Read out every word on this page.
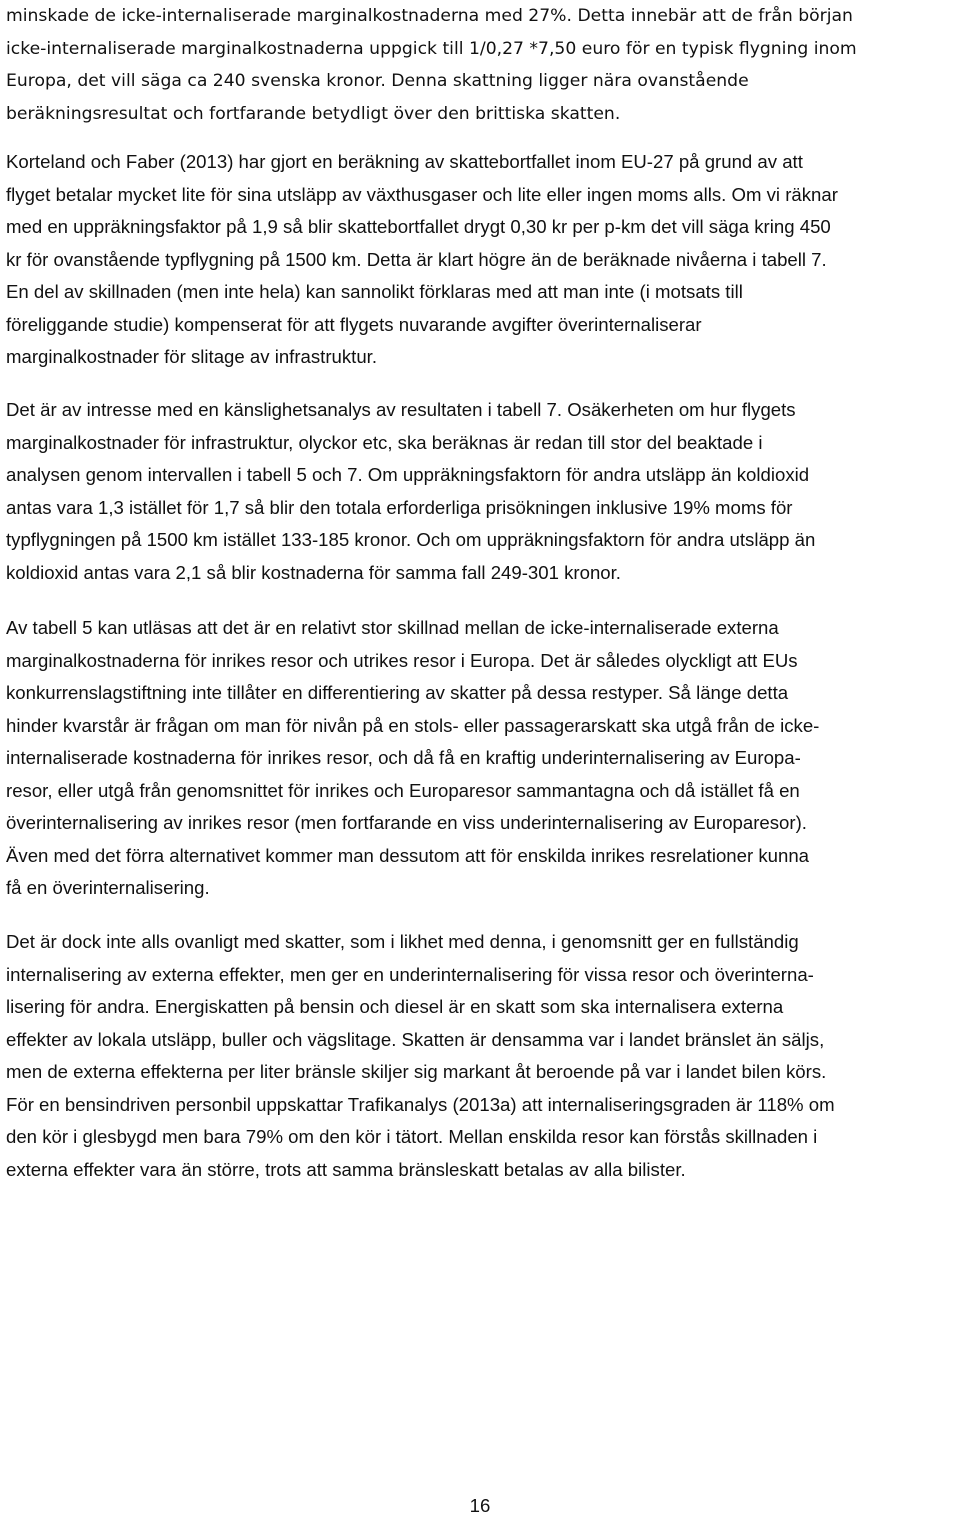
minskade de icke-internaliserade marginalkostnaderna med 27%. Detta innebär att de från början
icke-internaliserade marginalkostnaderna uppgick till 1/0,27 *7,50 euro för en typisk flygning inom
Europa, det vill säga ca 240 svenska kronor. Denna skattning ligger nära ovanstående
beräkningsresultat och fortfarande betydligt över den brittiska skatten.
Korteland och Faber (2013) har gjort en beräkning av skattebortfallet inom EU-27 på grund av att
flyget betalar mycket lite för sina utsläpp av växthusgaser och lite eller ingen moms alls. Om vi räknar
med en uppräkningsfaktor på 1,9 så blir skattebortfallet drygt 0,30 kr per p-km det vill säga kring 450
kr för ovanstående typflygning på 1500 km. Detta är klart högre än de beräknade nivåerna i tabell 7.
En del av skillnaden (men inte hela) kan sannolikt förklaras med att man inte (i motsats till
föreliggande studie) kompenserat för att flygets nuvarande avgifter överinternaliserar
marginalkostnader för slitage av infrastruktur.
Det är av intresse med en känslighetsanalys av resultaten i tabell 7. Osäkerheten om hur flygets
marginalkostnader för infrastruktur, olyckor etc, ska beräknas är redan till stor del beaktade i
analysen genom intervallen i tabell 5 och 7. Om uppräkningsfaktorn för andra utsläpp än koldioxid
antas vara 1,3 istället för 1,7 så blir den totala erforderliga prisökningen inklusive 19% moms för
typflygningen på 1500 km istället 133-185 kronor. Och om uppräkningsfaktorn för andra utsläpp än
koldioxid antas vara 2,1 så blir kostnaderna för samma fall 249-301 kronor.
Av tabell 5 kan utläsas att det är en relativt stor skillnad mellan de icke-internaliserade externa
marginalkostnaderna för inrikes resor och utrikes resor i Europa. Det är således olyckligt att EUs
konkurrenslagstiftning inte tillåter en differentiering av skatter på dessa restyper. Så länge detta
hinder kvarstår är frågan om man för nivån på en stols- eller passagerarskatt ska utgå från de icke-
internaliserade kostnaderna för inrikes resor, och då få en kraftig underinternalisering av Europa-
resor, eller utgå från genomsnittet för inrikes och Europaresor sammantagna och då istället få en
överinternalisering av inrikes resor (men fortfarande en viss underinternalisering av Europaresor).
Även med det förra alternativet kommer man dessutom att för enskilda inrikes resrelationer kunna
få en överinternalisering.
Det är dock inte alls ovanligt med skatter, som i likhet med denna, i genomsnitt ger en fullständig
internalisering av externa effekter, men ger en underinternalisering för vissa resor och överinterna-
lisering för andra. Energiskatten på bensin och diesel är en skatt som ska internalisera externa
effekter av lokala utsläpp, buller och vägslitage. Skatten är densamma var i landet bränslet än säljs,
men de externa effekterna per liter bränsle skiljer sig markant åt beroende på var i landet bilen körs.
För en bensindriven personbil uppskattar Trafikanalys (2013a) att internaliseringsgraden är 118% om
den kör i glesbygd men bara 79% om den kör i tätort. Mellan enskilda resor kan förstås skillnaden i
externa effekter vara än större, trots att samma bränsleskatt betalas av alla bilister.
16
